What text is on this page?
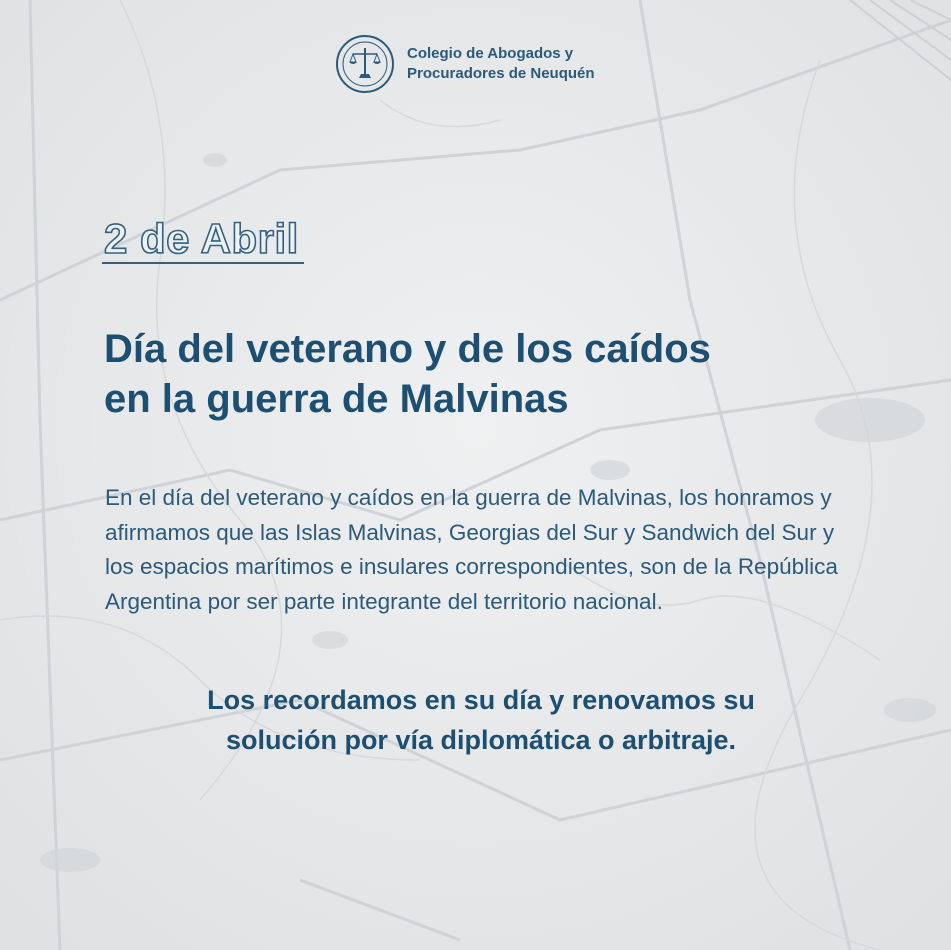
Colegio de Abogados y
Procuradores de Neuquén
2 de Abril
Día del veterano y de los caídos
en la guerra de Malvinas

En el día del veterano y caídos en la guerra de Malvinas, los honramos y afirmamos que las Islas Malvinas, Georgias del Sur y Sandwich del Sur y los espacios marítimos e insulares correspondientes, son de la República Argentina por ser parte integrante del territorio nacional.

Los recordamos en su día y renovamos su
solución por vía diplomática o arbitraje.
